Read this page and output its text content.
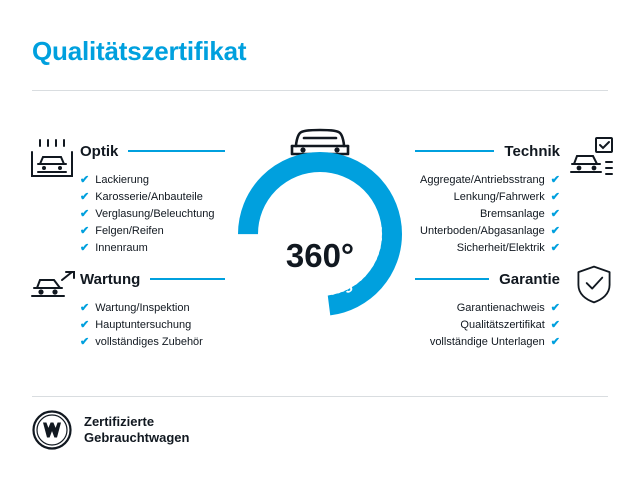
Qualitätszertifikat
Optik
✔ Lackierung
✔ Karosserie/Anbauteile
✔ Verglasung/Beleuchtung
✔ Felgen/Reifen
✔ Innenraum
Technik
✔
Aggregate/Antriebsstrang
✔
Lenkung/Fahrwerk
✔
Bremsanlage
✔
Unterboden/Abgasanlage
✔
Sicherheit/Elektrik
Wartung
✔ Wartung/Inspektion
✔ Hauptuntersuchung
✔ vollständiges Zubehör
Garantie
✔
Garantienachweis
✔
Qualitätszertifikat
✔
vollständige Unterlagen
Gebrauchtwagen-Check
360°
Zertifizierte
Gebrauchtwagen
